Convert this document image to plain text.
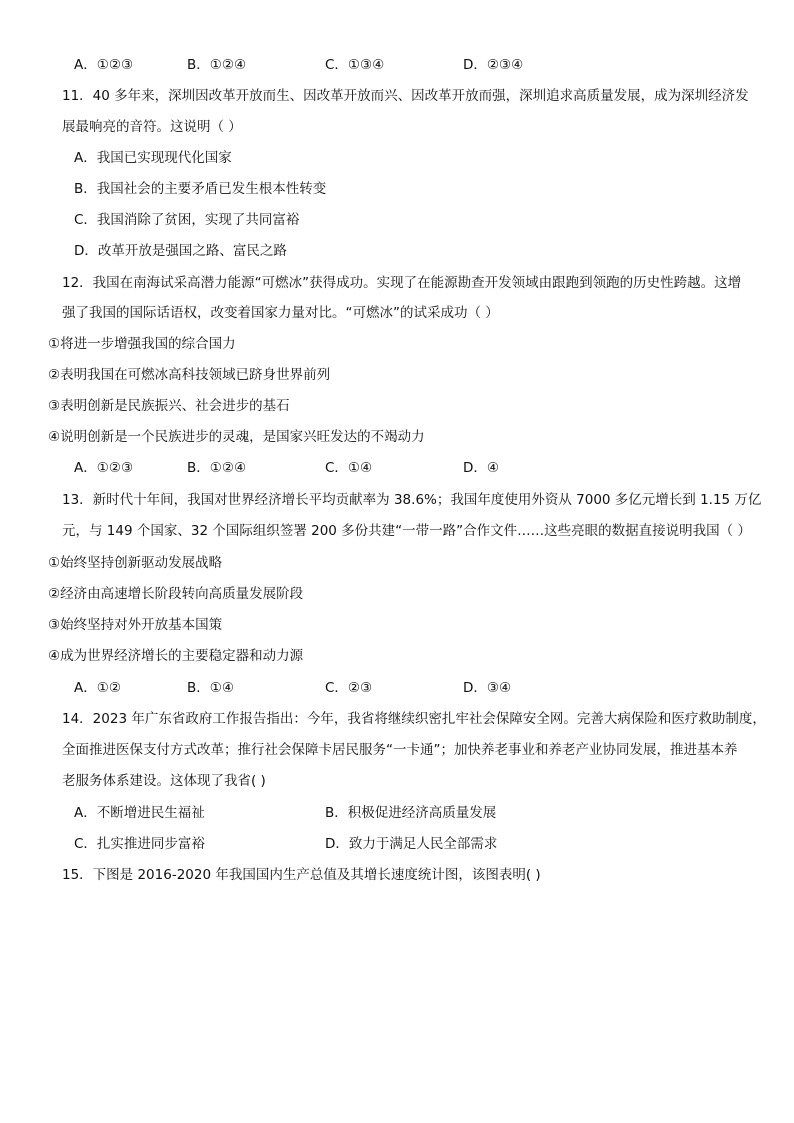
A．①②③	B．①②④	C．①③④	D．②③④
11．40 多年来，深圳因改革开放而生、因改革开放而兴、因改革开放而强，深圳追求高质量发展，成为深圳经济发
展最响亮的音符。这说明（ ）
A．我国已实现现代化国家
B．我国社会的主要矛盾已发生根本性转变
C．我国消除了贫困，实现了共同富裕
D．改革开放是强国之路、富民之路
12．我国在南海试采高潜力能源“可燃冰”获得成功。实现了在能源勘查开发领域由跟跑到领跑的历史性跨越。这增
强了我国的国际话语权，改变着国家力量对比。“可燃冰”的试采成功（ ）
①将进一步增强我国的综合国力
②表明我国在可燃冰高科技领域已跻身世界前列
③表明创新是民族振兴、社会进步的基石
④说明创新是一个民族进步的灵魂，是国家兴旺发达的不竭动力
A．①②③	B．①②④	C．①④	D．④
13．新时代十年间，我国对世界经济增长平均贡献率为 38.6%；我国年度使用外资从 7000 多亿元增长到 1.15 万亿
元，与 149 个国家、32 个国际组织签署 200 多份共建“一带一路”合作文件……这些亮眼的数据直接说明我国（ ）
①始终坚持创新驱动发展战略
②经济由高速增长阶段转向高质量发展阶段
③始终坚持对外开放基本国策
④成为世界经济增长的主要稳定器和动力源
A．①②	B．①④	C．②③	D．③④
14．2023 年广东省政府工作报告指出：今年，我省将继续织密扎牢社会保障安全网。完善大病保险和医疗救助制度，
全面推进医保支付方式改革；推行社会保障卡居民服务“一卡通”；加快养老事业和养老产业协同发展，推进基本养
老服务体系建设。这体现了我省( )
A．不断增进民生福祉	B．积极促进经济高质量发展
C．扎实推进同步富裕	D．致力于满足人民全部需求
15．下图是 2016-2020 年我国国内生产总值及其增长速度统计图，该图表明( )
